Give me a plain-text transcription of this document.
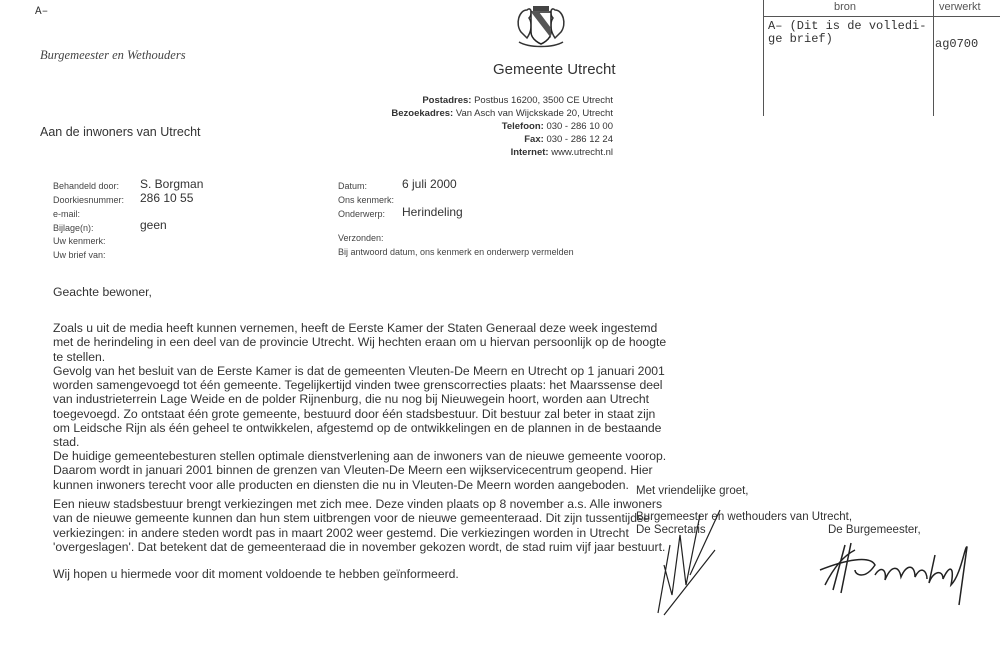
A–
Burgemeester en Wethouders
Gemeente Utrecht
Postadres: Postbus 16200, 3500 CE Utrecht
Bezoekadres: Van Asch van Wijckskade 20, Utrecht
Telefoon: 030 - 286 10 00
Fax: 030 - 286 12 24
Internet: www.utrecht.nl
Aan de inwoners van Utrecht
bron	verwerkt
A– (Dit is de volledi-
ge brief)	ag0700
Behandeld door: S. Borgman
Doorkiesnummer: 286 10 55
e-mail:
Bijlage(n):	geen
Uw kenmerk:
Uw brief van:
Datum:	6 juli 2000
Ons kenmerk:
Onderwerp: Herindeling
Verzonden:
Bij antwoord datum, ons kenmerk en onderwerp vermelden
Geachte bewoner,
Zoals u uit de media heeft kunnen vernemen, heeft de Eerste Kamer der Staten Generaal deze week ingestemd
met de herindeling in een deel van de provincie Utrecht. Wij hechten eraan om u hiervan persoonlijk op de hoogte
te stellen.
Gevolg van het besluit van de Eerste Kamer is dat de gemeenten Vleuten-De Meern en Utrecht op 1 januari 2001
worden samengevoegd tot één gemeente. Tegelijkertijd vinden twee grenscorrecties plaats: het Maarssense deel
van industrieterrein Lage Weide en de polder Rijnenburg, die nu nog bij Nieuwegein hoort, worden aan Utrecht
toegevoegd. Zo ontstaat één grote gemeente, bestuurd door één stadsbestuur. Dit bestuur zal beter in staat zijn
om Leidsche Rijn als één geheel te ontwikkelen, afgestemd op de ontwikkelingen en de plannen in de bestaande
stad.
De huidige gemeentebesturen stellen optimale dienstverlening aan de inwoners van de nieuwe gemeente voorop.
Daarom wordt in januari 2001 binnen de grenzen van Vleuten-De Meern een wijkservicecentrum geopend. Hier
kunnen inwoners terecht voor alle producten en diensten die nu in Vleuten-De Meern worden aangeboden.
Een nieuw stadsbestuur brengt verkiezingen met zich mee. Deze vinden plaats op 8 november a.s. Alle inwoners
van de nieuwe gemeente kunnen dan hun stem uitbrengen voor de nieuwe gemeenteraad. Dit zijn tussentijdse
verkiezingen: in andere steden wordt pas in maart 2002 weer gestemd. Die verkiezingen worden in Utrecht
'overgeslagen'. Dat betekent dat de gemeenteraad die in november gekozen wordt, de stad ruim vijf jaar bestuurt.
Wij hopen u hiermede voor dit moment voldoende te hebben geïnformeerd.
Met vriendelijke groet,
Burgemeester en wethouders van Utrecht,
De Secretaris	De Burgemeester,
